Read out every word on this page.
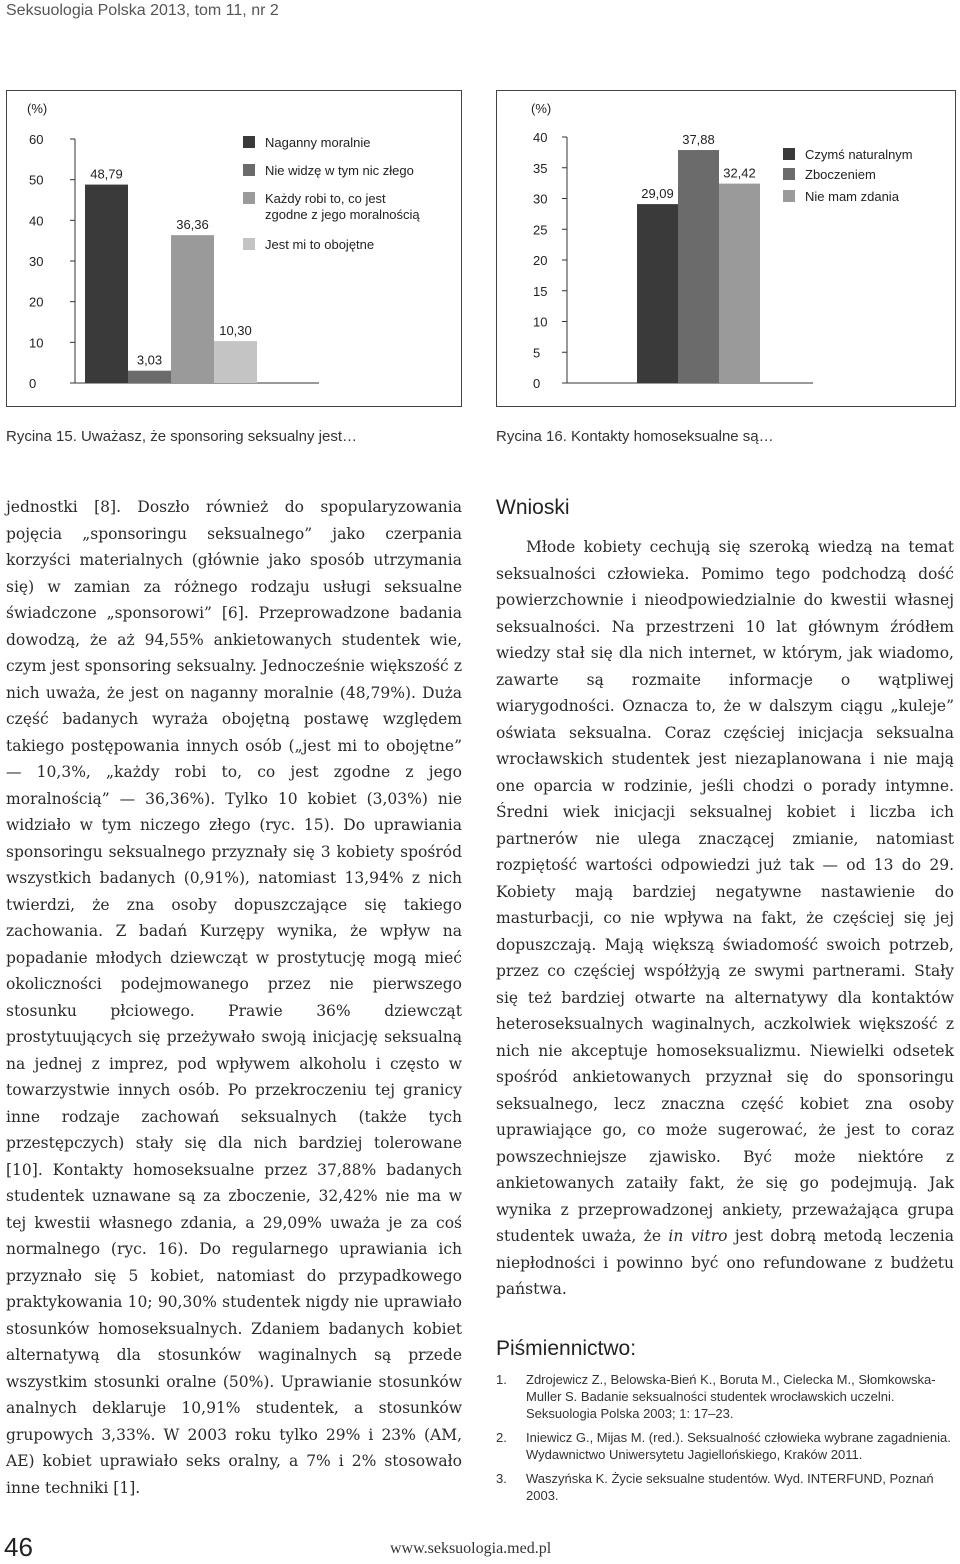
Seksuologia Polska 2013, tom 11, nr 2
(%)
0
10
20
30
40
50
60
48,79
3,03
36,36
10,30
Naganny moralnie
Nie widzę w tym nic złego
Każdy robi to, co jest
zgodne z jego moralnością
Jest mi to obojętne
(%)
0
5
10
15
20
25
30
35
40
29,09
37,88
32,42
Czymś naturalnym
Zboczeniem
Nie mam zdania
Rycina 15. Uważasz, że sponsoring seksualny jest…	Rycina 16. Kontakty homoseksualne są…

jednostki [8]. Doszło również do spopularyzowania pojęcia „sponsoringu seksualnego” jako czerpania korzyści materialnych (głównie jako sposób utrzymania się) w zamian za różnego rodzaju usługi seksualne świadczone „sponsorowi” [6]. Przeprowadzone badania dowodzą, że aż 94,55% ankietowanych studentek wie, czym jest sponsoring seksualny. Jednocześnie większość z nich uważa, że jest on naganny moralnie (48,79%). Duża część badanych wyraża obojętną postawę względem takiego postępowania innych osób („jest mi to obojętne” — 10,3%, „każdy robi to, co jest zgodne z jego moralnością” — 36,36%). Tylko 10 kobiet (3,03%) nie widziało w tym niczego złego (ryc. 15). Do uprawiania sponsoringu seksualnego przyznały się 3 kobiety spośród wszystkich badanych (0,91%), natomiast 13,94% z nich twierdzi, że zna osoby dopuszczające się takiego zachowania. Z badań Kurzępy wynika, że wpływ na popadanie młodych dziewcząt w prostytucję mogą mieć okoliczności podejmowanego przez nie pierwszego stosunku płciowego. Prawie 36% dziewcząt prostytuujących się przeżywało swoją inicjację seksualną na jednej z imprez, pod wpływem alkoholu i często w towarzystwie innych osób. Po przekroczeniu tej granicy inne rodzaje zachowań seksualnych (także tych przestępczych) stały się dla nich bardziej tolerowane [10]. Kontakty homoseksualne przez 37,88% badanych studentek uznawane są za zboczenie, 32,42% nie ma w tej kwestii własnego zdania, a 29,09% uważa je za coś normalnego (ryc. 16). Do regularnego uprawiania ich przyznało się 5 kobiet, natomiast do przypadkowego praktykowania 10; 90,30% studentek nigdy nie uprawiało stosunków homoseksualnych. Zdaniem badanych kobiet alternatywą dla stosunków waginalnych są przede wszystkim stosunki oralne (50%). Uprawianie stosunków analnych deklaruje 10,91% studentek, a stosunków grupowych 3,33%. W 2003 roku tylko 29% i 23% (AM, AE) kobiet uprawiało seks oralny, a 7% i 2% stosowało inne techniki [1].

Wnioski

Młode kobiety cechują się szeroką wiedzą na temat seksualności człowieka. Pomimo tego podchodzą dość powierzchownie i nieodpowiedzialnie do kwestii własnej seksualności. Na przestrzeni 10 lat głównym źródłem wiedzy stał się dla nich internet, w którym, jak wiadomo, zawarte są rozmaite informacje o wątpliwej wiarygodności. Oznacza to, że w dalszym ciągu „kuleje” oświata seksualna. Coraz częściej inicjacja seksualna wrocławskich studentek jest niezaplanowana i nie mają one oparcia w rodzinie, jeśli chodzi o porady intymne. Średni wiek inicjacji seksualnej kobiet i liczba ich partnerów nie ulega znaczącej zmianie, natomiast rozpiętość wartości odpowiedzi już tak — od 13 do 29. Kobiety mają bardziej negatywne nastawienie do masturbacji, co nie wpływa na fakt, że częściej się jej dopuszczają. Mają większą świadomość swoich potrzeb, przez co częściej współżyją ze swymi partnerami. Stały się też bardziej otwarte na alternatywy dla kontaktów heteroseksualnych waginalnych, aczkolwiek większość z nich nie akceptuje homoseksualizmu. Niewielki odsetek spośród ankietowanych przyznał się do sponsoringu seksualnego, lecz znaczna część kobiet zna osoby uprawiające go, co może sugerować, że jest to coraz powszechniejsze zjawisko. Być może niektóre z ankietowanych zataiły fakt, że się go podejmują. Jak wynika z przeprowadzonej ankiety, przeważająca grupa studentek uważa, że in vitro jest dobrą metodą leczenia niepłodności i powinno być ono refundowane z budżetu państwa.

Piśmiennictwo:
1.	Zdrojewicz Z., Belowska-Bień K., Boruta M., Cielecka M., Słomkowska-Muller S. Badanie seksualności studentek wrocławskich uczelni. Seksuologia Polska 2003; 1: 17–23.
2.	Iniewicz G., Mijas M. (red.). Seksualność człowieka wybrane zagadnienia. Wydawnictwo Uniwersytetu Jagiellońskiego, Kraków 2011.
3.	Waszyńska K. Życie seksualne studentów. Wyd. INTERFUND, Poznań 2003.
46	www.seksuologia.med.pl
